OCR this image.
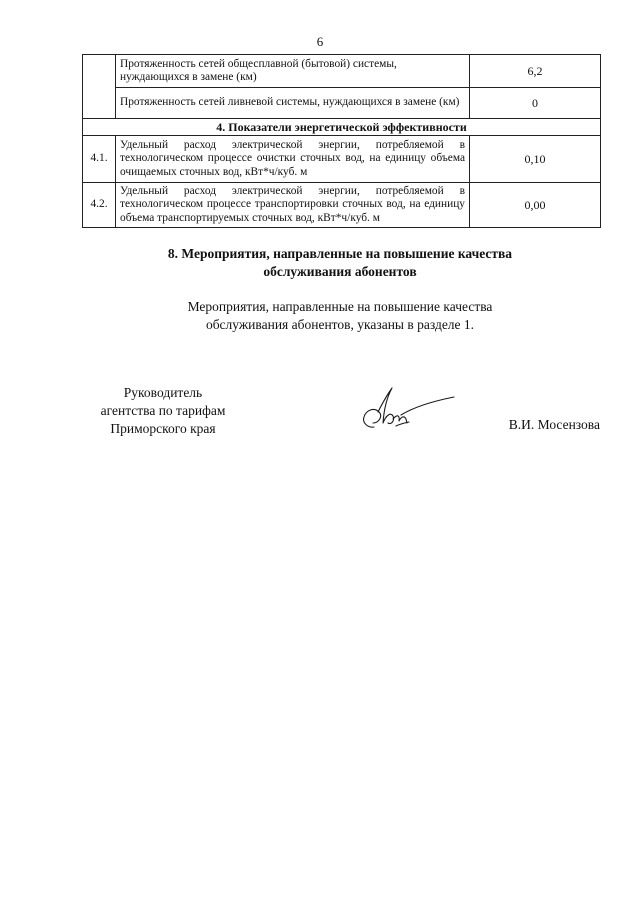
6
	Протяженность сетей общесплавной (бытовой) системы, нуждающихся в замене (км)	6,2
	Протяженность сетей ливневой системы, нуждающихся в замене (км)	0
4. Показатели энергетической эффективности		
4.1.	Удельный расход электрической энергии, потребляемой в технологическом процессе очистки сточных вод, на единицу объема очищаемых сточных вод, кВт*ч/куб. м	0,10
4.2.	Удельный расход электрической энергии, потребляемой в технологическом процессе транспортировки сточных вод, на единицу объема транспортируемых сточных вод, кВт*ч/куб. м	0,00
8. Мероприятия, направленные на повышение качества
обслуживания абонентов
Мероприятия, направленные на повышение качества
обслуживания абонентов, указаны в разделе 1.
Руководитель
агентства по тарифам
Приморского края	В.И. Мосензова
